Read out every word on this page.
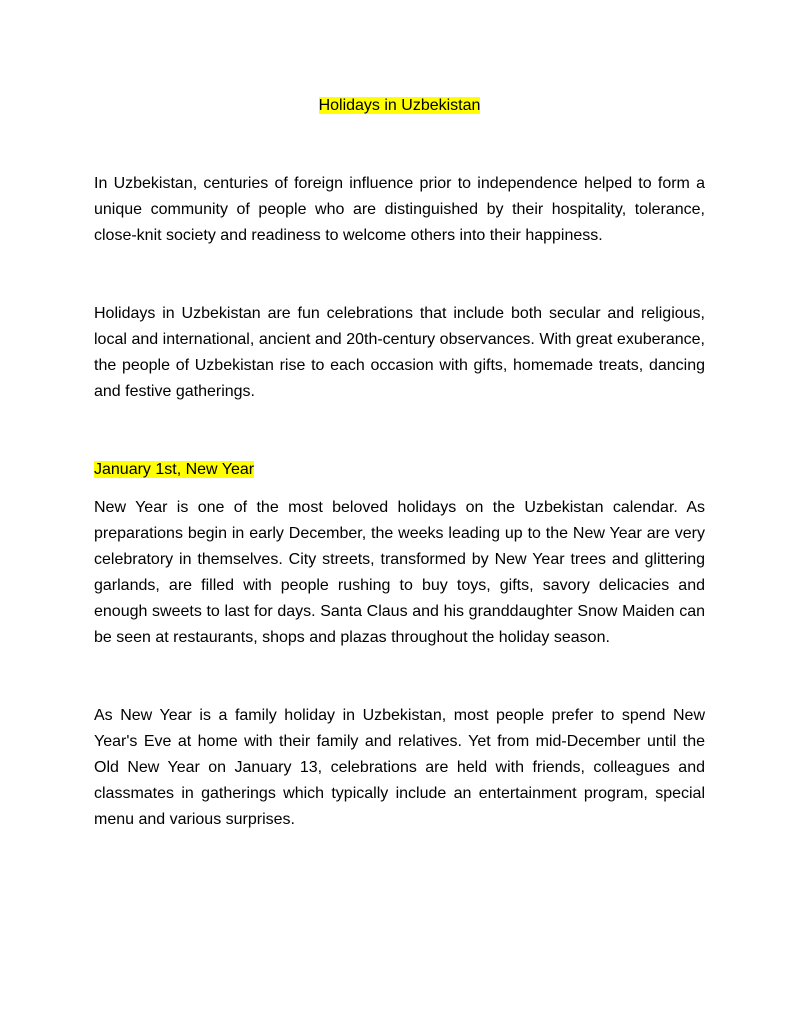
Holidays in Uzbekistan

In Uzbekistan, centuries of foreign influence prior to independence helped to form a unique community of people who are distinguished by their hospitality, tolerance, close-knit society and readiness to welcome others into their happiness.

Holidays in Uzbekistan are fun celebrations that include both secular and religious, local and international, ancient and 20th-century observances. With great exuberance, the people of Uzbekistan rise to each occasion with gifts, homemade treats, dancing and festive gatherings.

January 1st, New Year

New Year is one of the most beloved holidays on the Uzbekistan calendar. As preparations begin in early December, the weeks leading up to the New Year are very celebratory in themselves. City streets, transformed by New Year trees and glittering garlands, are filled with people rushing to buy toys, gifts, savory delicacies and enough sweets to last for days. Santa Claus and his granddaughter Snow Maiden can be seen at restaurants, shops and plazas throughout the holiday season.

As New Year is a family holiday in Uzbekistan, most people prefer to spend New Year's Eve at home with their family and relatives. Yet from mid-December until the Old New Year on January 13, celebrations are held with friends, colleagues and classmates in gatherings which typically include an entertainment program, special menu and various surprises.
